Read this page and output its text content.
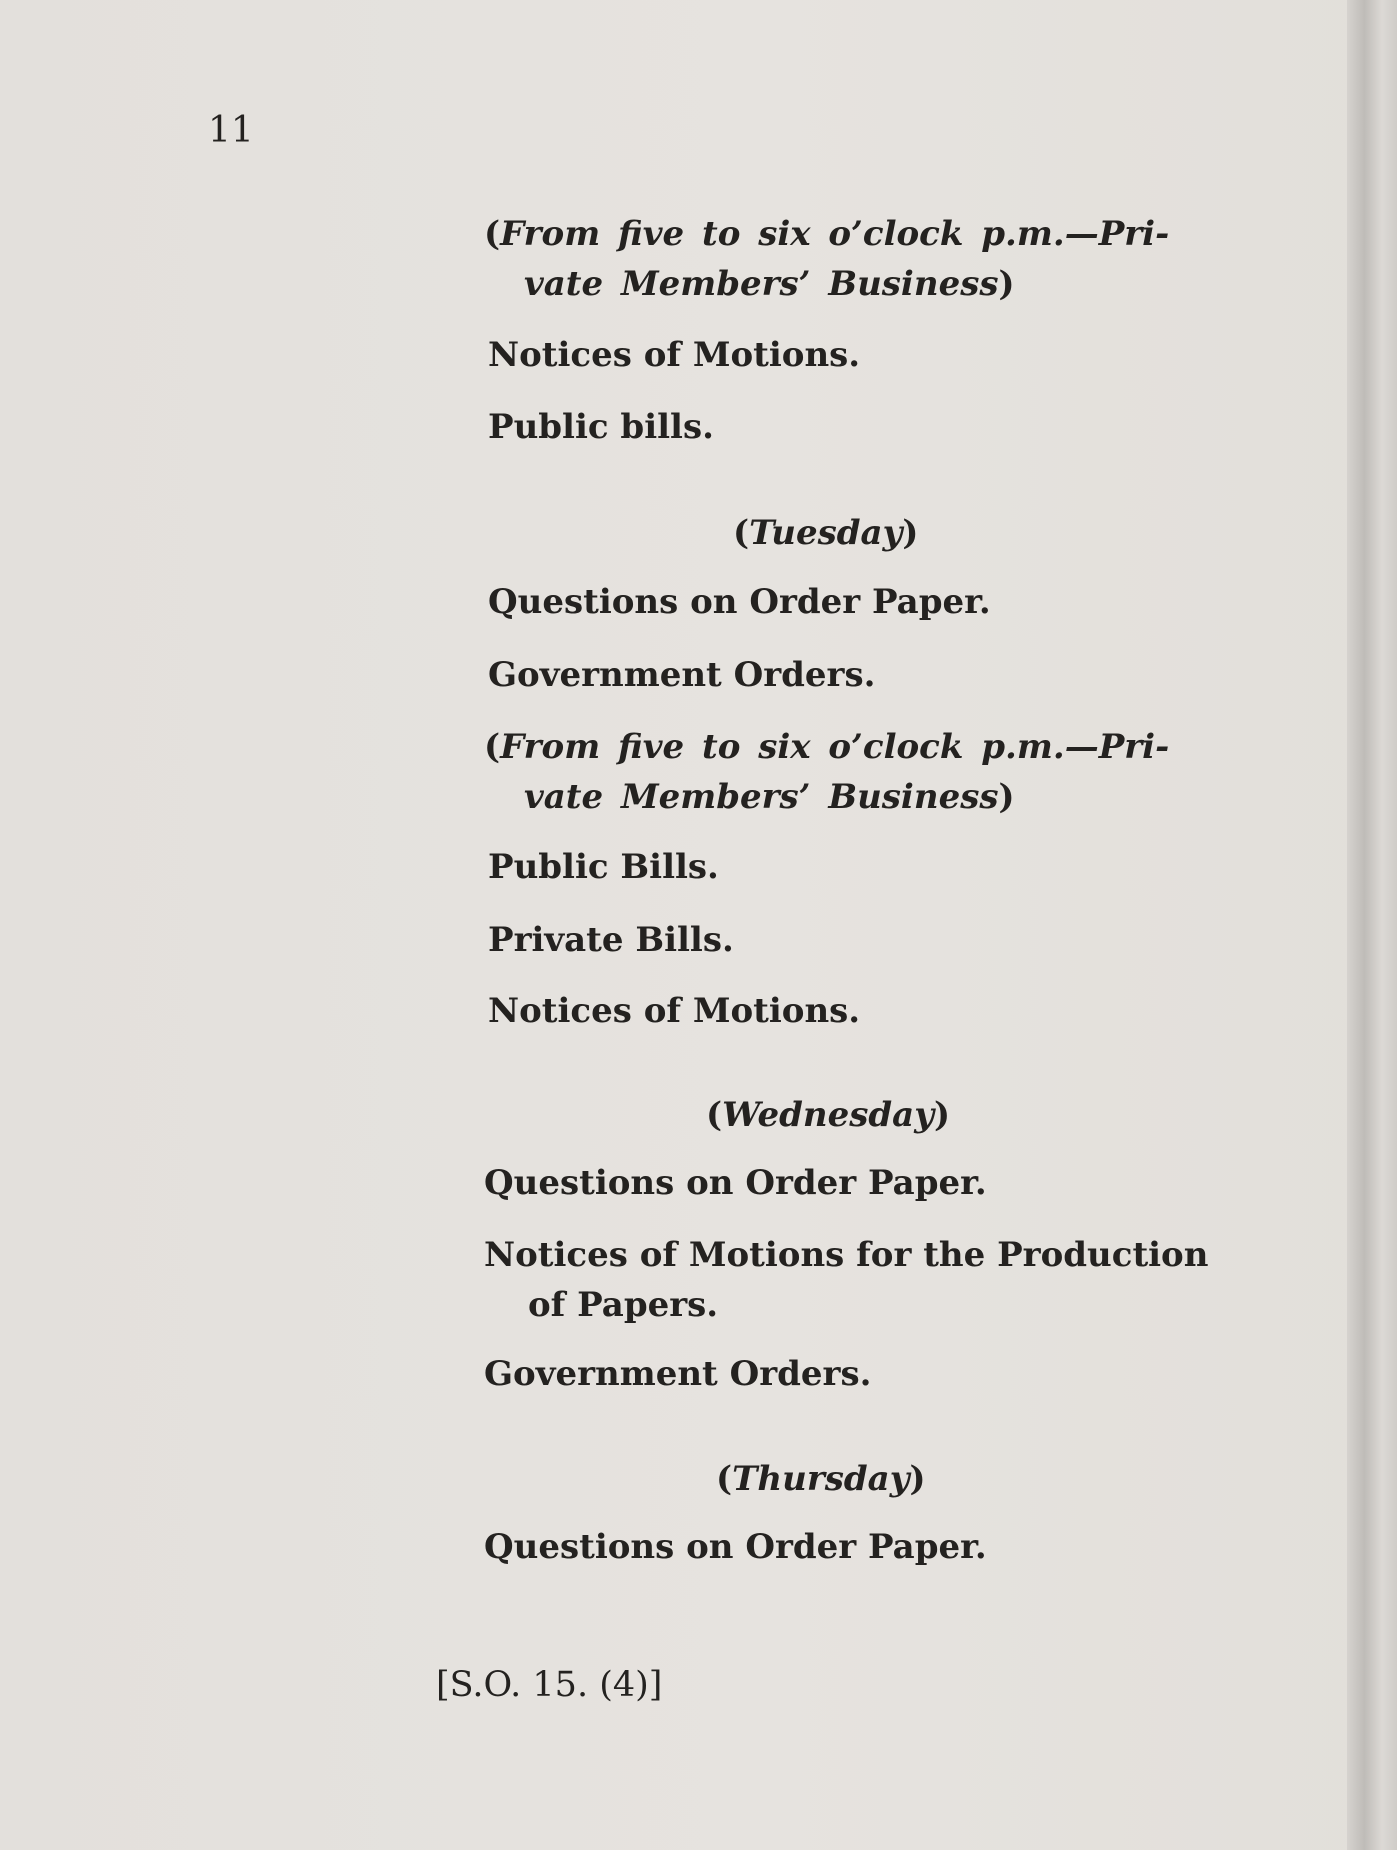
11
(From five to six o’clock p.m.—Pri-
vate Members’ Business)
Notices of Motions.
Public bills.
(Tuesday)
Questions on Order Paper.
Government Orders.
(From five to six o’clock p.m.—Pri-
vate Members’ Business)
Public Bills.
Private Bills.
Notices of Motions.
(Wednesday)
Questions on Order Paper.
Notices of Motions for the Production
of Papers.
Government Orders.
(Thursday)
Questions on Order Paper.
[S.O. 15. (4)]
